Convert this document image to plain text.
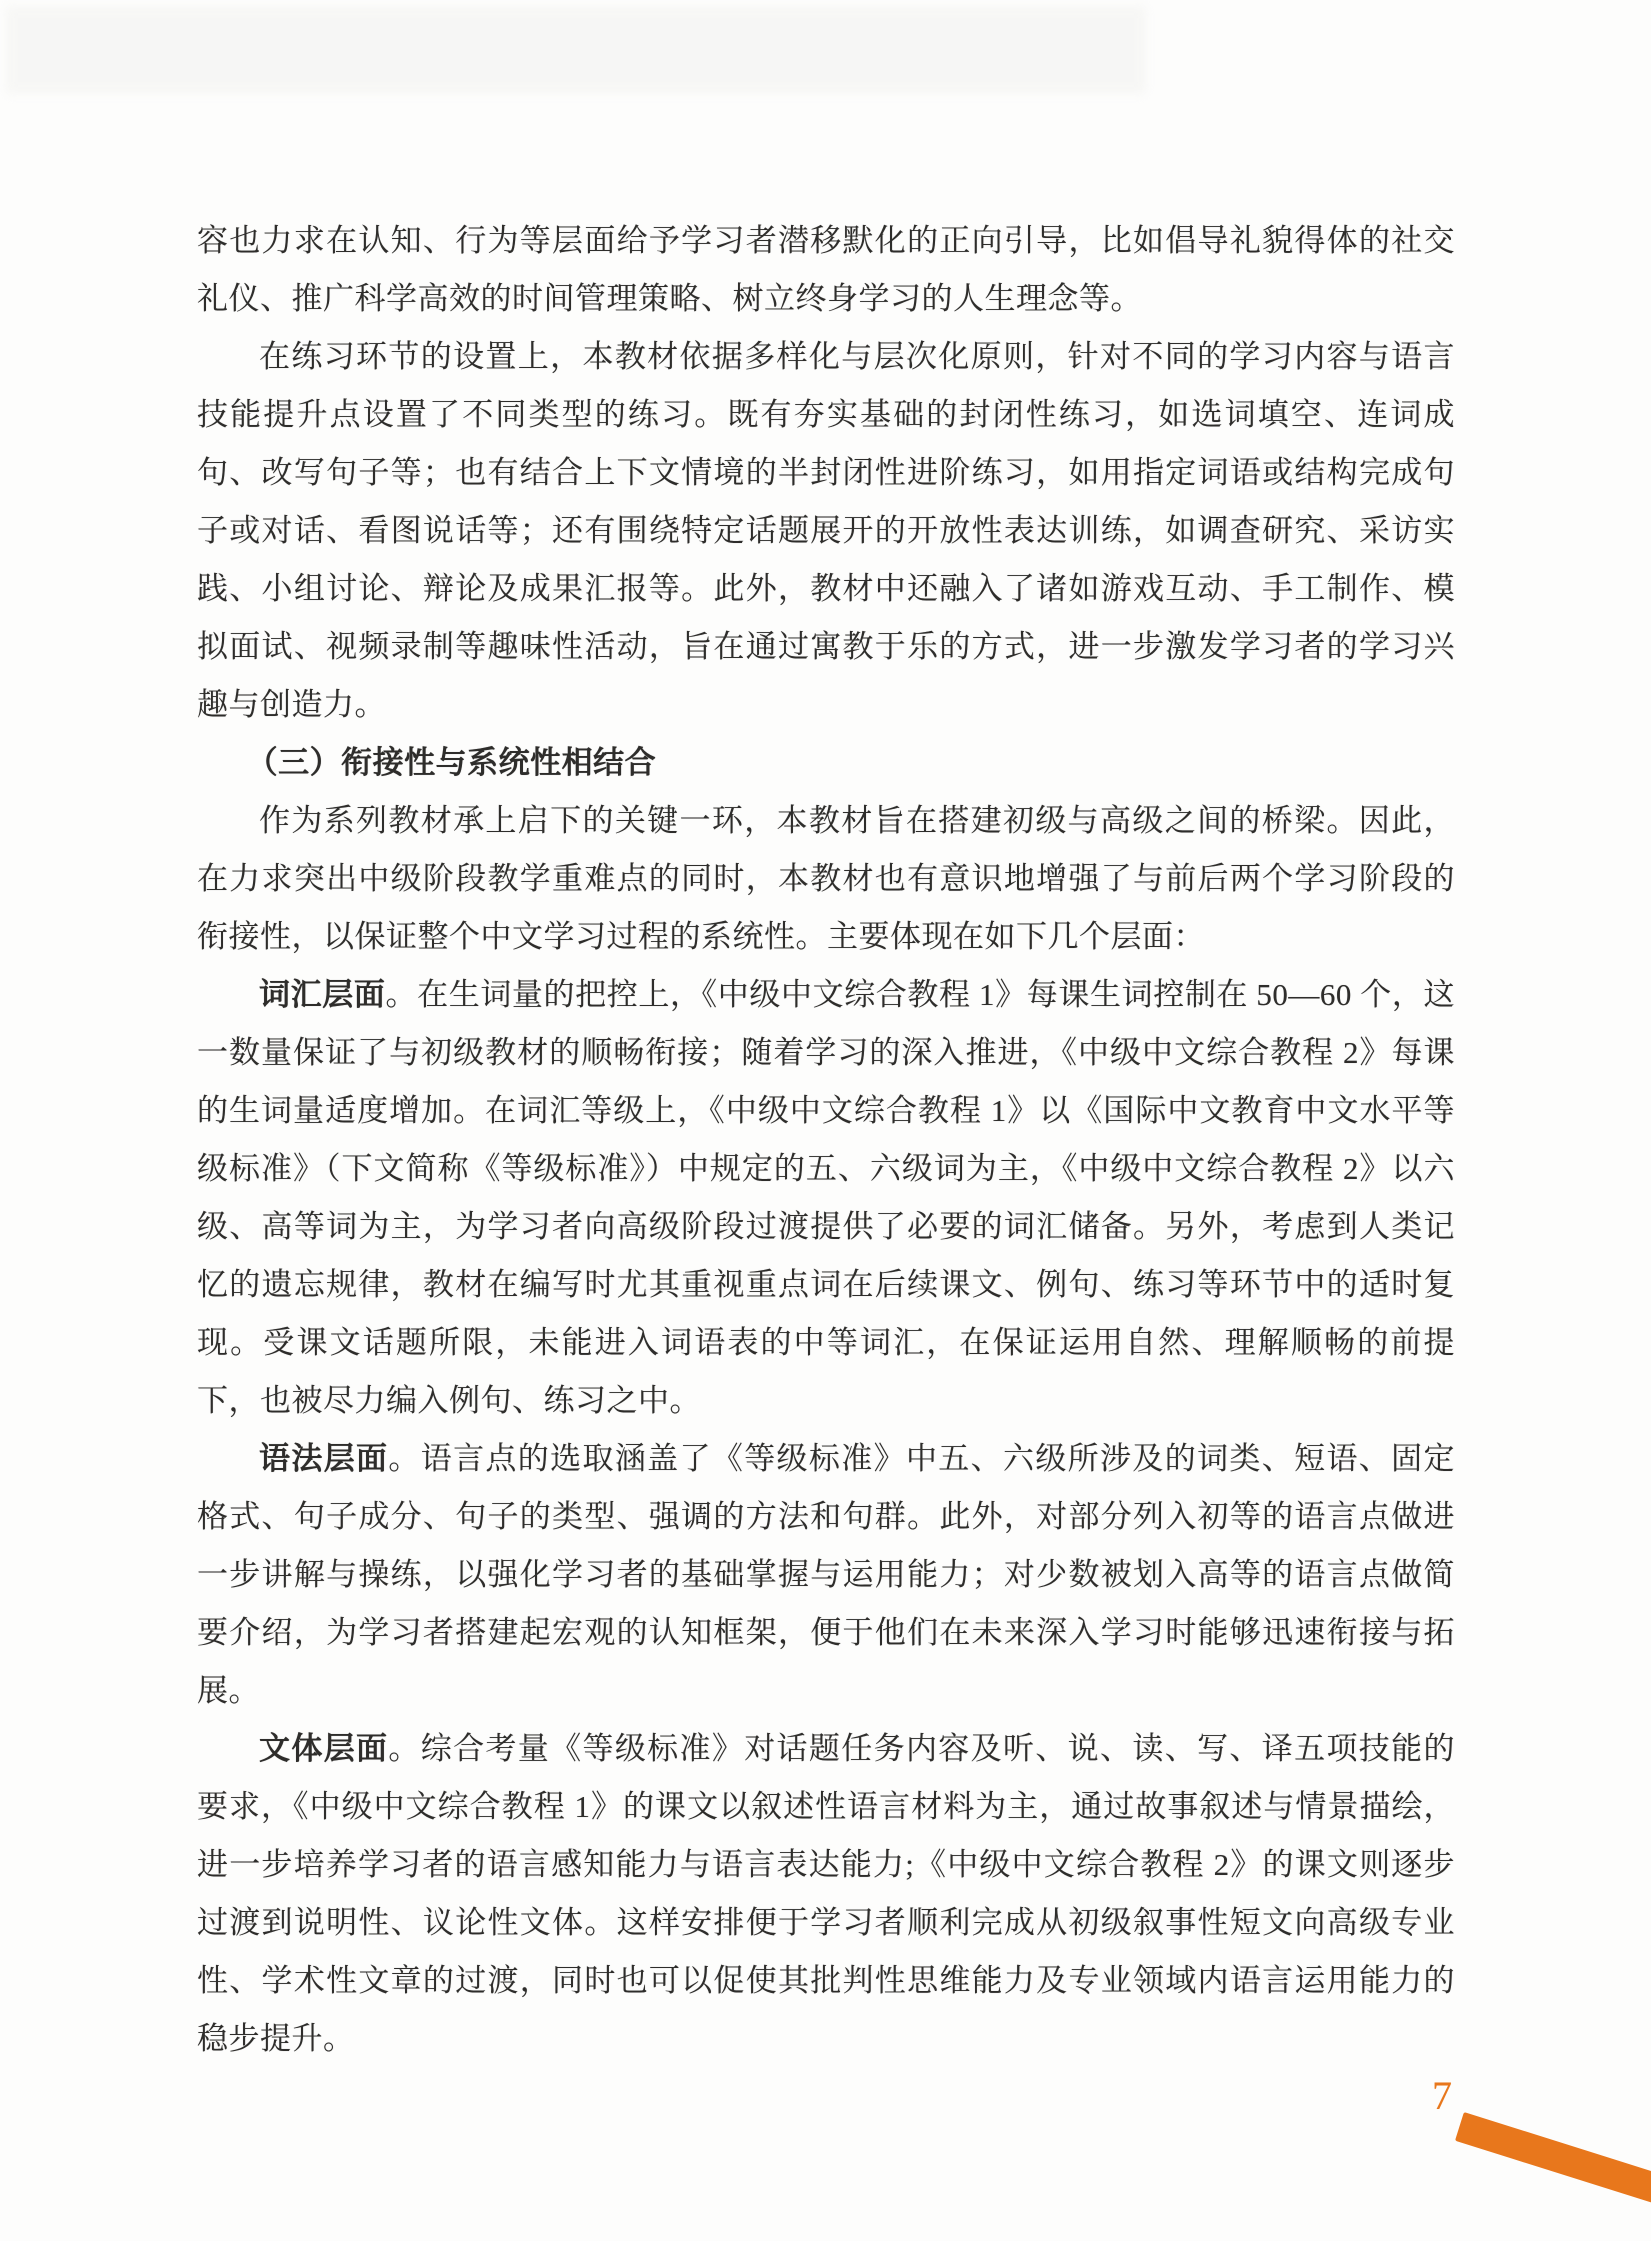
容也力求在认知、行为等层面给予学习者潜移默化的正向引导，比如倡导礼貌得体的社交礼仪、推广科学高效的时间管理策略、树立终身学习的人生理念等。

在练习环节的设置上，本教材依据多样化与层次化原则，针对不同的学习内容与语言技能提升点设置了不同类型的练习。既有夯实基础的封闭性练习，如选词填空、连词成句、改写句子等；也有结合上下文情境的半封闭性进阶练习，如用指定词语或结构完成句子或对话、看图说话等；还有围绕特定话题展开的开放性表达训练，如调查研究、采访实践、小组讨论、辩论及成果汇报等。此外，教材中还融入了诸如游戏互动、手工制作、模拟面试、视频录制等趣味性活动，旨在通过寓教于乐的方式，进一步激发学习者的学习兴趣与创造力。

（三）衔接性与系统性相结合

作为系列教材承上启下的关键一环，本教材旨在搭建初级与高级之间的桥梁。因此，在力求突出中级阶段教学重难点的同时，本教材也有意识地增强了与前后两个学习阶段的衔接性，以保证整个中文学习过程的系统性。主要体现在如下几个层面：

词汇层面。在生词量的把控上，《中级中文综合教程 1》每课生词控制在 50—60 个，这一数量保证了与初级教材的顺畅衔接；随着学习的深入推进，《中级中文综合教程 2》每课的生词量适度增加。在词汇等级上，《中级中文综合教程 1》以《国际中文教育中文水平等级标准》（下文简称《等级标准》）中规定的五、六级词为主，《中级中文综合教程 2》以六级、高等词为主，为学习者向高级阶段过渡提供了必要的词汇储备。另外，考虑到人类记忆的遗忘规律，教材在编写时尤其重视重点词在后续课文、例句、练习等环节中的适时复现。受课文话题所限，未能进入词语表的中等词汇，在保证运用自然、理解顺畅的前提下，也被尽力编入例句、练习之中。

语法层面。语言点的选取涵盖了《等级标准》中五、六级所涉及的词类、短语、固定格式、句子成分、句子的类型、强调的方法和句群。此外，对部分列入初等的语言点做进一步讲解与操练，以强化学习者的基础掌握与运用能力；对少数被划入高等的语言点做简要介绍，为学习者搭建起宏观的认知框架，便于他们在未来深入学习时能够迅速衔接与拓展。

文体层面。综合考量《等级标准》对话题任务内容及听、说、读、写、译五项技能的要求，《中级中文综合教程 1》的课文以叙述性语言材料为主，通过故事叙述与情景描绘，进一步培养学习者的语言感知能力与语言表达能力;《中级中文综合教程 2》的课文则逐步过渡到说明性、议论性文体。这样安排便于学习者顺利完成从初级叙事性短文向高级专业性、学术性文章的过渡，同时也可以促使其批判性思维能力及专业领域内语言运用能力的稳步提升。

7
